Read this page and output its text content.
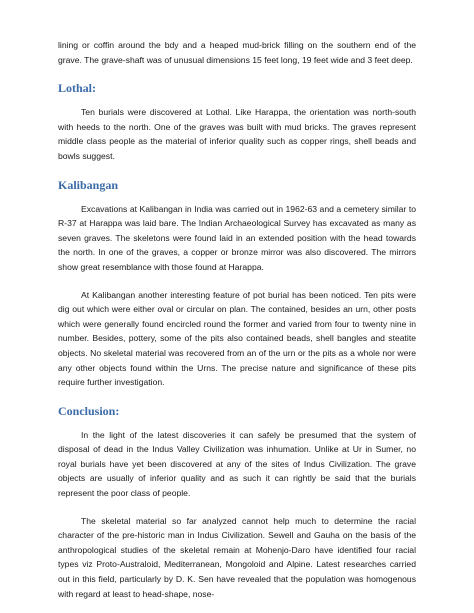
lining or coffin around the bdy and a heaped mud-brick filling on the southern end of the grave. The grave-shaft was of unusual dimensions 15 feet long, 19 feet wide and 3 feet deep.

Lothal:

Ten burials were discovered at Lothal. Like Harappa, the orientation was north-south with heeds to the north. One of the graves was built with mud bricks. The graves represent middle class people as the material of inferior quality such as copper rings, shell beads and bowls suggest.

Kalibangan

Excavations at Kalibangan in India was carried out in 1962-63 and a cemetery similar to R-37 at Harappa was laid bare. The Indian Archaeological Survey has excavated as many as seven graves. The skeletons were found laid in an extended position with the head towards the north. In one of the graves, a copper or bronze mirror was also discovered. The mirrors show great resemblance with those found at Harappa.

At Kalibangan another interesting feature of pot burial has been noticed. Ten pits were dig out which were either oval or circular on plan. The contained, besides an urn, other posts which were generally found encircled round the former and varied from four to twenty nine in number. Besides, pottery, some of the pits also contained beads, shell bangles and steatite objects. No skeletal material was recovered from an of the urn or the pits as a whole nor were any other objects found within the Urns. The precise nature and significance of these pits require further investigation.

Conclusion:

In the light of the latest discoveries it can safely be presumed that the system of disposal of dead in the Indus Valley Civilization was inhumation. Unlike at Ur in Sumer, no royal burials have yet been discovered at any of the sites of Indus Civilization. The grave objects are usually of inferior quality and as such it can rightly be said that the burials represent the poor class of people.

The skeletal material so far analyzed cannot help much to determine the racial character of the pre-historic man in Indus Civilization. Sewell and Gauha on the basis of the anthropological studies of the skeletal remain at Mohenjo-Daro have identified four racial types viz Proto-Australoid, Mediterranean, Mongoloid and Alpine. Latest researches carried out in this field, particularly by D. K. Sen have revealed that the population was homogenous with regard at least to head-shape, nose-
